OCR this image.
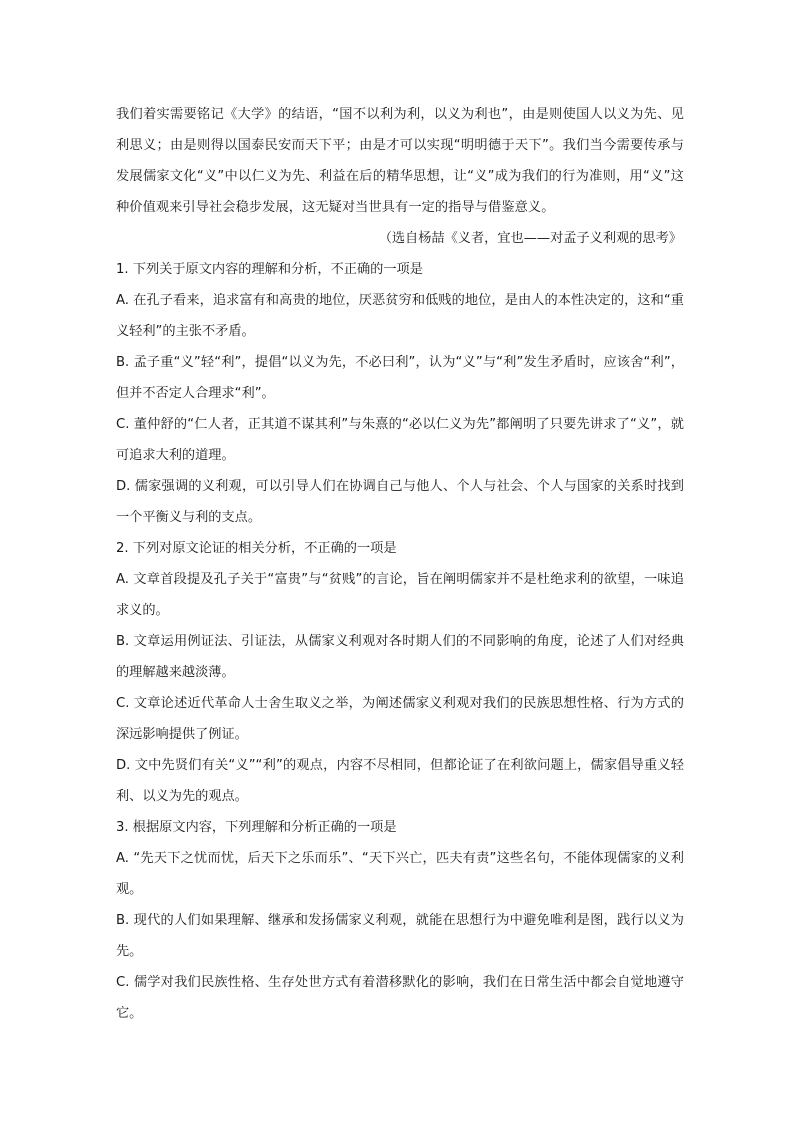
我们着实需要铭记《大学》的结语，“国不以利为利，以义为利也”，由是则使国人以义为先、见利思义；由是则得以国泰民安而天下平；由是才可以实现“明明德于天下”。我们当今需要传承与发展儒家文化“义”中以仁义为先、利益在后的精华思想，让“义”成为我们的行为准则，用“义”这种价值观来引导社会稳步发展，这无疑对当世具有一定的指导与借鉴意义。

（选自杨喆《义者，宜也——对孟子义利观的思考》

1. 下列关于原文内容的理解和分析，不正确的一项是

A. 在孔子看来，追求富有和高贵的地位，厌恶贫穷和低贱的地位，是由人的本性决定的，这和“重义轻利”的主张不矛盾。

B. 孟子重“义”轻“利”，提倡“以义为先，不必曰利”，认为“义”与“利”发生矛盾时，应该舍“利”，但并不否定人合理求“利”。

C. 董仲舒的“仁人者，正其道不谋其利”与朱熹的“必以仁义为先”都阐明了只要先讲求了“义”，就可追求大利的道理。

D. 儒家强调的义利观，可以引导人们在协调自己与他人、个人与社会、个人与国家的关系时找到一个平衡义与利的支点。

2. 下列对原文论证的相关分析，不正确的一项是

A. 文章首段提及孔子关于“富贵”与“贫贱”的言论，旨在阐明儒家并不是杜绝求利的欲望，一味追求义的。

B. 文章运用例证法、引证法，从儒家义利观对各时期人们的不同影响的角度，论述了人们对经典的理解越来越淡薄。

C. 文章论述近代革命人士舍生取义之举，为阐述儒家义利观对我们的民族思想性格、行为方式的深远影响提供了例证。

D. 文中先贤们有关“义”“利”的观点，内容不尽相同，但都论证了在利欲问题上，儒家倡导重义轻利、以义为先的观点。

3. 根据原文内容，下列理解和分析正确的一项是

A. “先天下之忧而忧，后天下之乐而乐”、“天下兴亡，匹夫有责”这些名句，不能体现儒家的义利观。

B. 现代的人们如果理解、继承和发扬儒家义利观，就能在思想行为中避免唯利是图，践行以义为先。

C. 儒学对我们民族性格、生存处世方式有着潜移默化的影响，我们在日常生活中都会自觉地遵守它。
